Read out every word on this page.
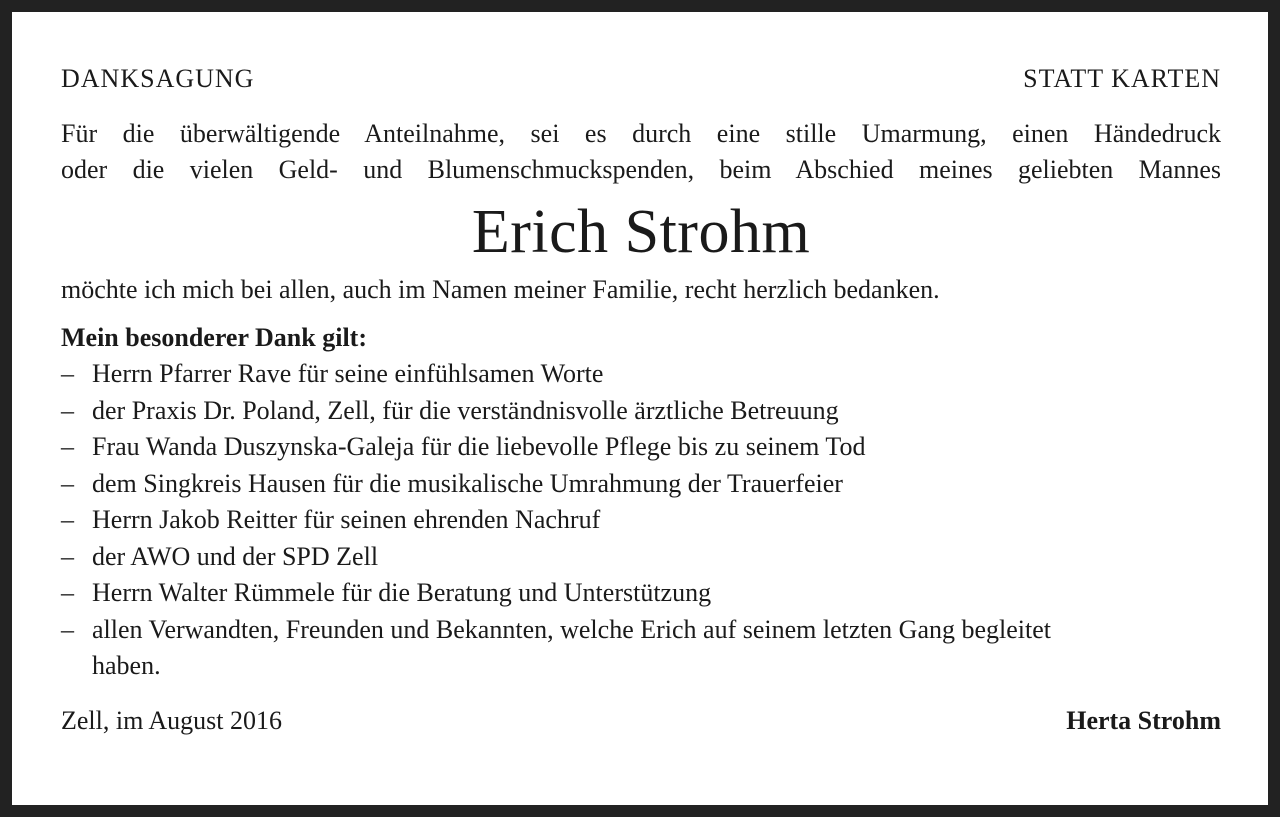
DANKSAGUNG	STATT KARTEN

Für die überwältigende Anteilnahme, sei es durch eine stille Umarmung, einen Händedruck

oder die vielen Geld- und Blumenschmuckspenden, beim Abschied meines geliebten Mannes

Erich Strohm
möchte ich mich bei allen, auch im Namen meiner Familie, recht herzlich bedanken.
Mein besonderer Dank gilt:
– Herrn Pfarrer Rave für seine einfühlsamen Worte
– der Praxis Dr. Poland, Zell, für die verständnisvolle ärztliche Betreuung
– Frau Wanda Duszynska-Galeja für die liebevolle Pflege bis zu seinem Tod
– dem Singkreis Hausen für die musikalische Umrahmung der Trauerfeier
– Herrn Jakob Reitter für seinen ehrenden Nachruf
– der AWO und der SPD Zell
– Herrn Walter Rümmele für die Beratung und Unterstützung
– allen Verwandten, Freunden und Bekannten, welche Erich auf seinem letzten Gang begleitet haben.
Zell, im August 2016	Herta Strohm
